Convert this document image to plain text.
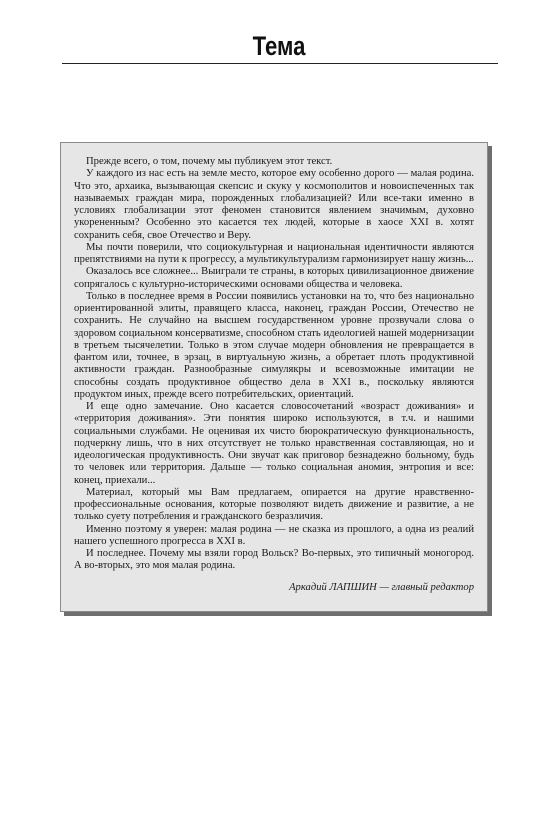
Тема

Прежде всего, о том, почему мы публикуем этот текст.

У каждого из нас есть на земле место, которое ему особенно дорого — малая родина. Что это, архаика, вызывающая скепсис и скуку у космополитов и новоиспеченных так называемых граждан мира, порожденных глобализацией? Или все-таки именно в условиях глобализации этот феномен становится явлением значимым, духовно укорененным? Особенно это касается тех людей, которые в хаосе XXI в. хотят сохранить себя, свое Отечество и Веру.

Мы почти поверили, что социокультурная и национальная идентичности являются препятствиями на пути к прогрессу, а мультикультурализм гармонизирует нашу жизнь...

Оказалось все сложнее... Выиграли те страны, в которых цивилизационное движение сопрягалось с культурно-историческими основами общества и человека.

Только в последнее время в России появились установки на то, что без национально ориентированной элиты, правящего класса, наконец, граждан России, Отечество не сохранить. Не случайно на высшем государственном уровне прозвучали слова о здоровом социальном консерватизме, способном стать идеологией нашей модернизации в третьем тысячелетии. Только в этом случае модерн обновления не превращается в фантом или, точнее, в эрзац, в виртуальную жизнь, а обретает плоть продуктивной активности граждан. Разнообразные симулякры и всевозможные имитации не способны создать продуктивное общество дела в XXI в., поскольку являются продуктом иных, прежде всего потребительских, ориентаций.

И еще одно замечание. Оно касается словосочетаний «возраст доживания» и «территория доживания». Эти понятия широко используются, в т.ч. и нашими социальными службами. Не оценивая их чисто бюрократическую функциональность, подчеркну лишь, что в них отсутствует не только нравственная составляющая, но и идеологическая продуктивность. Они звучат как приговор безнадежно больному, будь то человек или территория. Дальше — только социальная аномия, энтропия и все: конец, приехали...

Материал, который мы Вам предлагаем, опирается на другие нравственно-профессиональные основания, которые позволяют видеть движение и развитие, а не только суету потребления и гражданского безразличия.

Именно поэтому я уверен: малая родина — не сказка из прошлого, а одна из реалий нашего успешного прогресса в XXI в.

И последнее. Почему мы взяли город Вольск? Во-первых, это типичный моногород. А во-вторых, это моя малая родина.

Аркадий ЛАПШИН — главный редактор
